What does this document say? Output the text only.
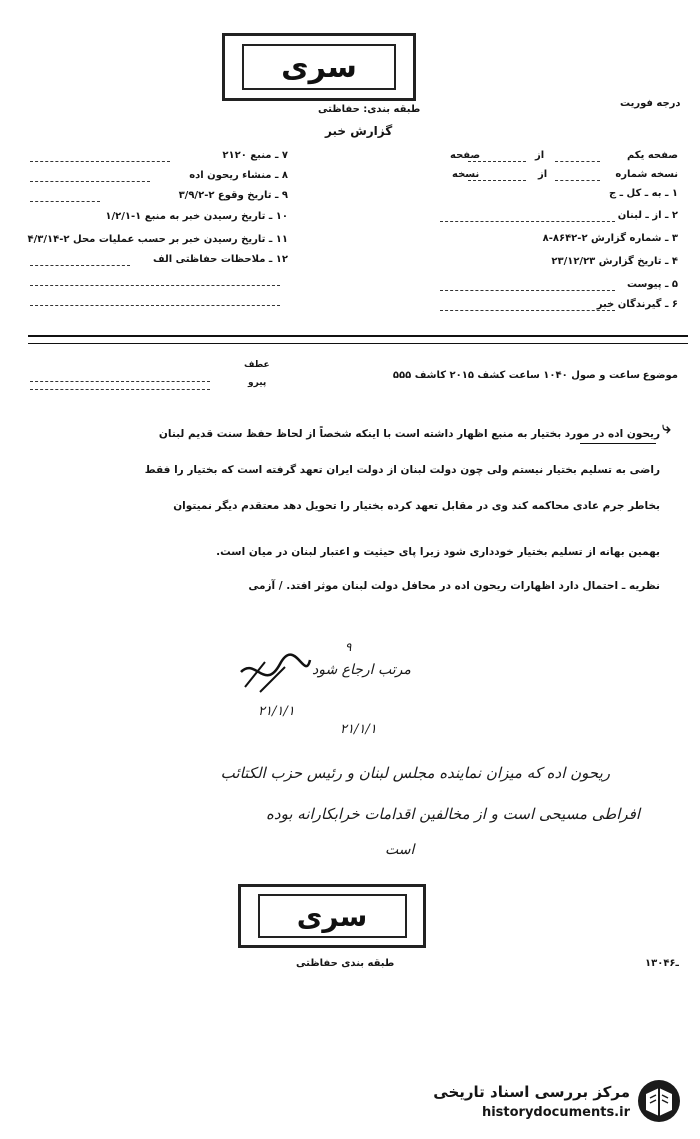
سری
طبقه بندی: حفاظتی
درجه فوریت
گزارش خبر
صفحه یکم
نسخه شماره
۱ ـ به ـ کل ـ ج
۲ ـ از ـ لبنان
۳ ـ شماره گزارش ۲-۸۶۴۲-۸
۴ ـ تاریخ گزارش ۲۳/۱۲/۲۳
۵ ـ پیوست
۶ ـ گیرندگان خبر
از
از
صفحه
نسخه
۷ ـ منبع ۲۱۲۰
۸ ـ منشاء ریحون اده
۹ ـ تاریخ وقوع ۲-۳/۹/۲
۱۰ ـ تاریخ رسیدن خبر به منبع ۱-۱/۲/۱
۱۱ ـ تاریخ رسیدن خبر بر حسب عملیات محل ۲-۴/۳/۱۴
۱۲ ـ ملاحظات حفاظتی الف
موضوع
ساعت و صول ۱۰۴۰ ساعت کشف ۲۰۱۵ کاشف ۵۵۵
عطف
پیرو
ریحون اده در مورد بختیار به منبع اظهار داشته است با اینکه شخصاً از لحاظ حفظ سنت قدیم لبنان
راضی به تسلیم بختیار نیستم ولی چون دولت لبنان از دولت ایران تعهد گرفته است که بختیار را فقط
بخاطر جرم عادی محاکمه کند وی در مقابل تعهد کرده بختیار را تحویل دهد معتقدم دیگر نمیتوان
بهمین بهانه از تسلیم بختیار خودداری شود زیرا پای حیثیت و اعتبار لبنان در میان است.
نظریه ـ احتمال دارد اظهارات ریحون اده در محافل دولت لبنان موثر افتد. / آزمی
⤷
۲۱/۱/۱
۲۱/۱/۱
۹
مرتب ارجاع شود
ریحون اده که میزان نماینده مجلس لبنان و رئیس حزب الکتائب
افراطی مسیحی است و از مخالفین اقدامات خرابکارانه بوده
است
سری
طبقه بندی حفاظتی	۱۳۰ـ۴۶
مرکز بررسی اسناد تاریخی
historydocuments.ir
